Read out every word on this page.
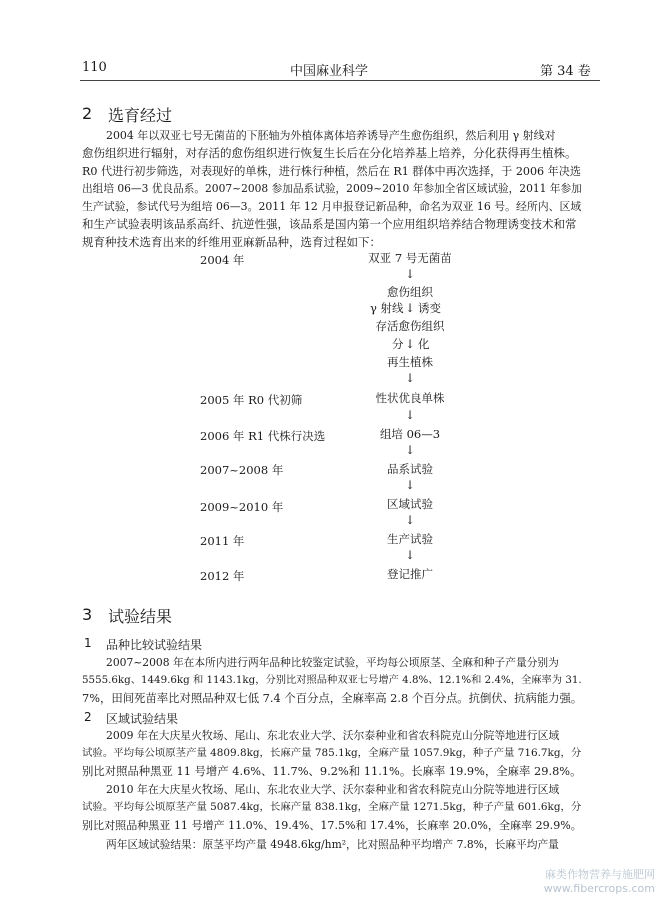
110	中国麻业科学	第 34 卷
2 选育经过
2004 年以双亚七号无菌苗的下胚轴为外植体离体培养诱导产生愈伤组织，然后利用 γ 射线对
愈伤组织进行辐射，对存活的愈伤组织进行恢复生长后在分化培养基上培养，分化获得再生植株。
R0 代进行初步筛选，对表现好的单株，进行株行种植，然后在 R1 群体中再次选择，于 2006 年决选
出组培 06—3 优良品系。2007~2008 参加品系试验，2009~2010 年参加全省区域试验，2011 年参加
生产试验，参试代号为组培 06—3。2011 年 12 月申报登记新品种，命名为双亚 16 号。经所内、区域
和生产试验表明该品系高纤、抗逆性强，该品系是国内第一个应用组织培养结合物理诱变技术和常
规育种技术选育出来的纤维用亚麻新品种，选育过程如下：
2004 年
2005 年 R0 代初筛
2006 年 R1 代株行决选
2007~2008 年
2009~2010 年
2011 年
2012 年
双亚 7 号无菌苗
↓
愈伤组织
↓
γ 射线 诱变
存活愈伤组织
↓
分 化
再生植株
↓
性状优良单株
↓
组培 06—3
↓
品系试验
↓
区域试验
↓
生产试验
↓
登记推广
3 试验结果
1 品种比较试验结果
2007~2008 年在本所内进行两年品种比较鉴定试验，平均每公顷原茎、全麻和种子产量分别为
5555.6kg、1449.6kg 和 1143.1kg，分别比对照品种双亚七号增产 4.8%、12.1%和 2.4%，全麻率为 31.
7%，田间死苗率比对照品种双七低 7.4 个百分点，全麻率高 2.8 个百分点。抗倒伏、抗病能力强。
2 区域试验结果
2009 年在大庆星火牧场、尾山、东北农业大学、沃尔泰种业和省农科院克山分院等地进行区域
试验。平均每公顷原茎产量 4809.8kg，长麻产量 785.1kg，全麻产量 1057.9kg，种子产量 716.7kg，分
别比对照品种黑亚 11 号增产 4.6%、11.7%、9.2%和 11.1%。长麻率 19.9%，全麻率 29.8%。
2010 年在大庆星火牧场、尾山、东北农业大学、沃尔泰种业和省农科院克山分院等地进行区域
试验。平均每公顷原茎产量 5087.4kg，长麻产量 838.1kg，全麻产量 1271.5kg，种子产量 601.6kg，分
别比对照品种黑亚 11 号增产 11.0%、19.4%、17.5%和 17.4%，长麻率 20.0%，全麻率 29.9%。
两年区域试验结果：原茎平均产量 4948.6kg/hm²，比对照品种平均增产 7.8%，长麻平均产量
麻类作物营养与施肥网
www.fibercrops.com
